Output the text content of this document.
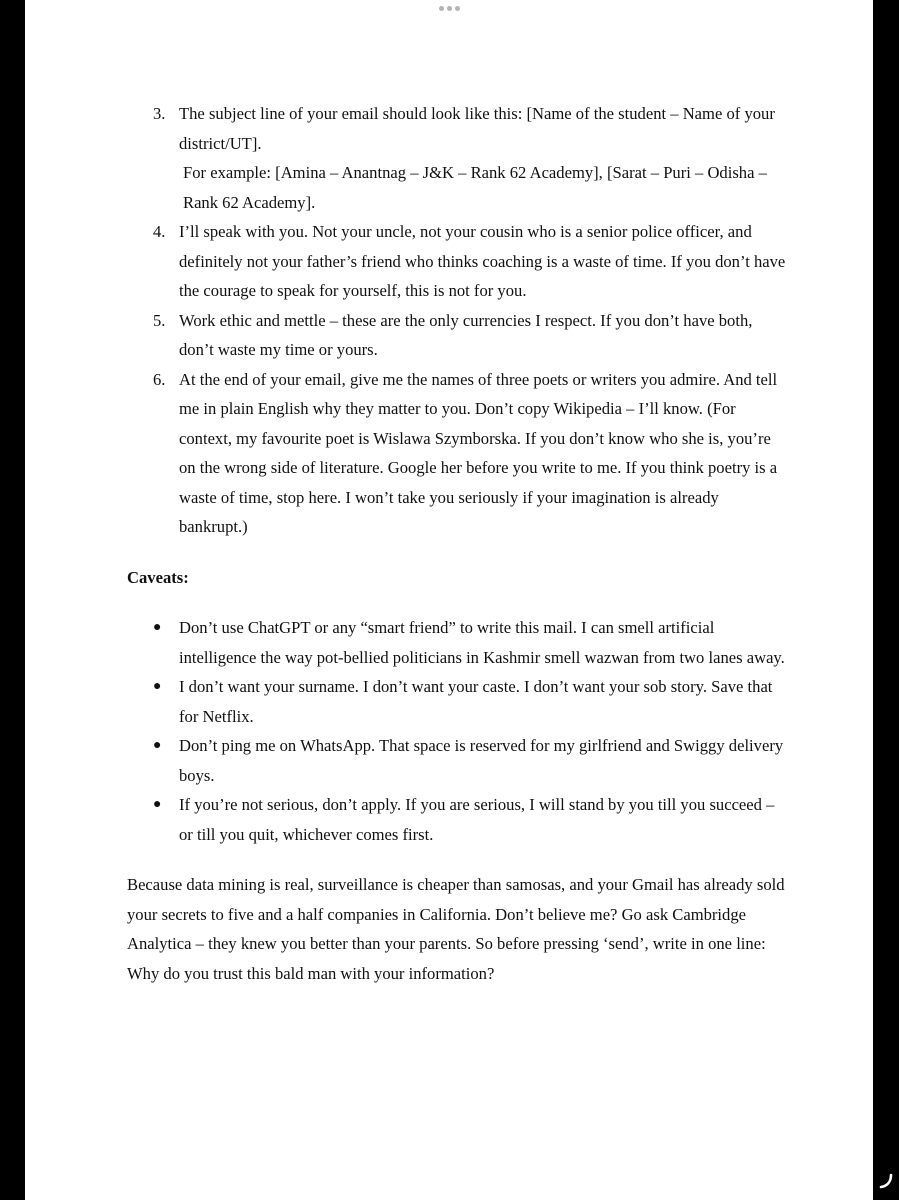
3. The subject line of your email should look like this: [Name of the student – Name of your district/UT].
For example: [Amina – Anantnag – J&K – Rank 62 Academy], [Sarat – Puri – Odisha – Rank 62 Academy].
4. I’ll speak with you. Not your uncle, not your cousin who is a senior police officer, and definitely not your father’s friend who thinks coaching is a waste of time. If you don’t have the courage to speak for yourself, this is not for you.
5. Work ethic and mettle – these are the only currencies I respect. If you don’t have both, don’t waste my time or yours.
6. At the end of your email, give me the names of three poets or writers you admire. And tell me in plain English why they matter to you. Don’t copy Wikipedia – I’ll know. (For context, my favourite poet is Wislawa Szymborska. If you don’t know who she is, you’re on the wrong side of literature. Google her before you write to me. If you think poetry is a waste of time, stop here. I won’t take you seriously if your imagination is already bankrupt.)
Caveats:
● Don’t use ChatGPT or any “smart friend” to write this mail. I can smell artificial intelligence the way pot-bellied politicians in Kashmir smell wazwan from two lanes away.
● I don’t want your surname. I don’t want your caste. I don’t want your sob story. Save that for Netflix.
● Don’t ping me on WhatsApp. That space is reserved for my girlfriend and Swiggy delivery boys.
● If you’re not serious, don’t apply. If you are serious, I will stand by you till you succeed – or till you quit, whichever comes first.

Because data mining is real, surveillance is cheaper than samosas, and your Gmail has already sold your secrets to five and a half companies in California. Don’t believe me? Go ask Cambridge Analytica – they knew you better than your parents. So before pressing ‘send’, write in one line: Why do you trust this bald man with your information?
